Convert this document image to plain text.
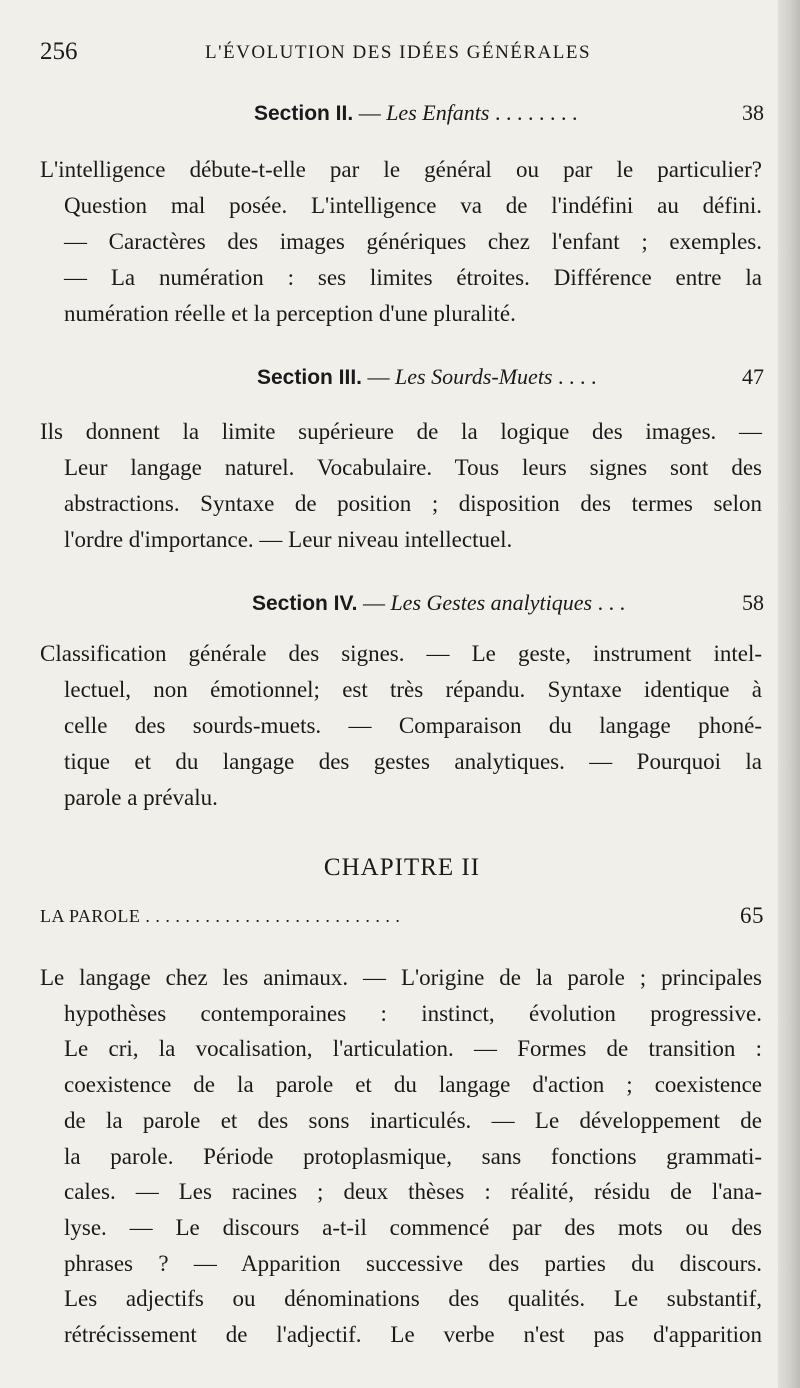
256	L'ÉVOLUTION DES IDÉES GÉNÉRALES
Section II. — Les Enfants . . . . . . . .	38
L'intelligence débute-t-elle par le général ou par le particulier?
Question mal posée. L'intelligence va de l'indéfini au défini.
— Caractères des images génériques chez l'enfant ; exemples.
— La numération : ses limites étroites. Différence entre la
numération réelle et la perception d'une pluralité.
Section III. — Les Sourds-Muets . . . .	47
Ils donnent la limite supérieure de la logique des images. —
Leur langage naturel. Vocabulaire. Tous leurs signes sont des
abstractions. Syntaxe de position ; disposition des termes selon
l'ordre d'importance. — Leur niveau intellectuel.
Section IV. — Les Gestes analytiques . . .	58
Classification générale des signes. — Le geste, instrument intel-
lectuel, non émotionnel; est très répandu. Syntaxe identique à
celle des sourds-muets. — Comparaison du langage phoné-
tique et du langage des gestes analytiques. — Pourquoi la
parole a prévalu.
CHAPITRE II
LA PAROLE . . . . . . . . . . . . . . . . . . . . . . . . . .	65
Le langage chez les animaux. — L'origine de la parole ; principales
hypothèses contemporaines : instinct, évolution progressive.
Le cri, la vocalisation, l'articulation. — Formes de transition :
coexistence de la parole et du langage d'action ; coexistence
de la parole et des sons inarticulés. — Le développement de
la parole. Période protoplasmique, sans fonctions grammati-
cales. — Les racines ; deux thèses : réalité, résidu de l'ana-
lyse. — Le discours a-t-il commencé par des mots ou des
phrases ? — Apparition successive des parties du discours.
Les adjectifs ou dénominations des qualités. Le substantif,
rétrécissement de l'adjectif. Le verbe n'est pas d'apparition
